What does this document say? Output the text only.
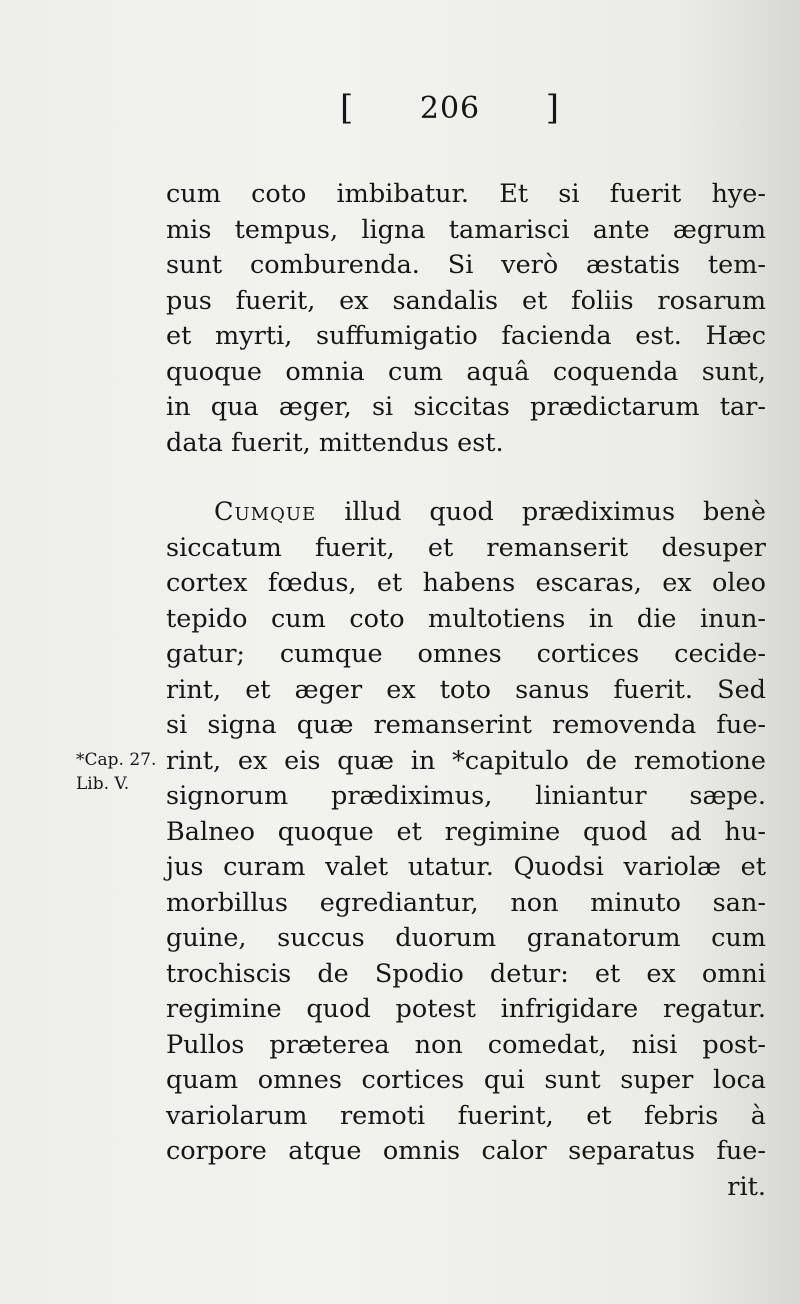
[ 206 ]
cum coto imbibatur. Et si fuerit hye-
mis tempus, ligna tamarisci ante ægrum
sunt comburenda. Si verò æstatis tem-
pus fuerit, ex sandalis et foliis rosarum
et myrti, suffumigatio facienda est. Hæc
quoque omnia cum aquâ coquenda sunt,
in qua æger, si siccitas prædictarum tar-
data fuerit, mittendus est.
Cumque illud quod prædiximus benè
siccatum fuerit, et remanserit desuper
cortex fœdus, et habens escaras, ex oleo
tepido cum coto multotiens in die inun-
gatur; cumque omnes cortices cecide-
rint, et æger ex toto sanus fuerit. Sed
si signa quæ remanserint removenda fue-
rint, ex eis quæ in *capitulo de remotione
signorum prædiximus, liniantur sæpe.
Balneo quoque et regimine quod ad hu-
jus curam valet utatur. Quodsi variolæ et
morbillus egrediantur, non minuto san-
guine, succus duorum granatorum cum
trochiscis de Spodio detur: et ex omni
regimine quod potest infrigidare regatur.
Pullos præterea non comedat, nisi post-
quam omnes cortices qui sunt super loca
variolarum remoti fuerint, et febris à
corpore atque omnis calor separatus fue-
rit.
*Cap. 27.
Lib. V.
